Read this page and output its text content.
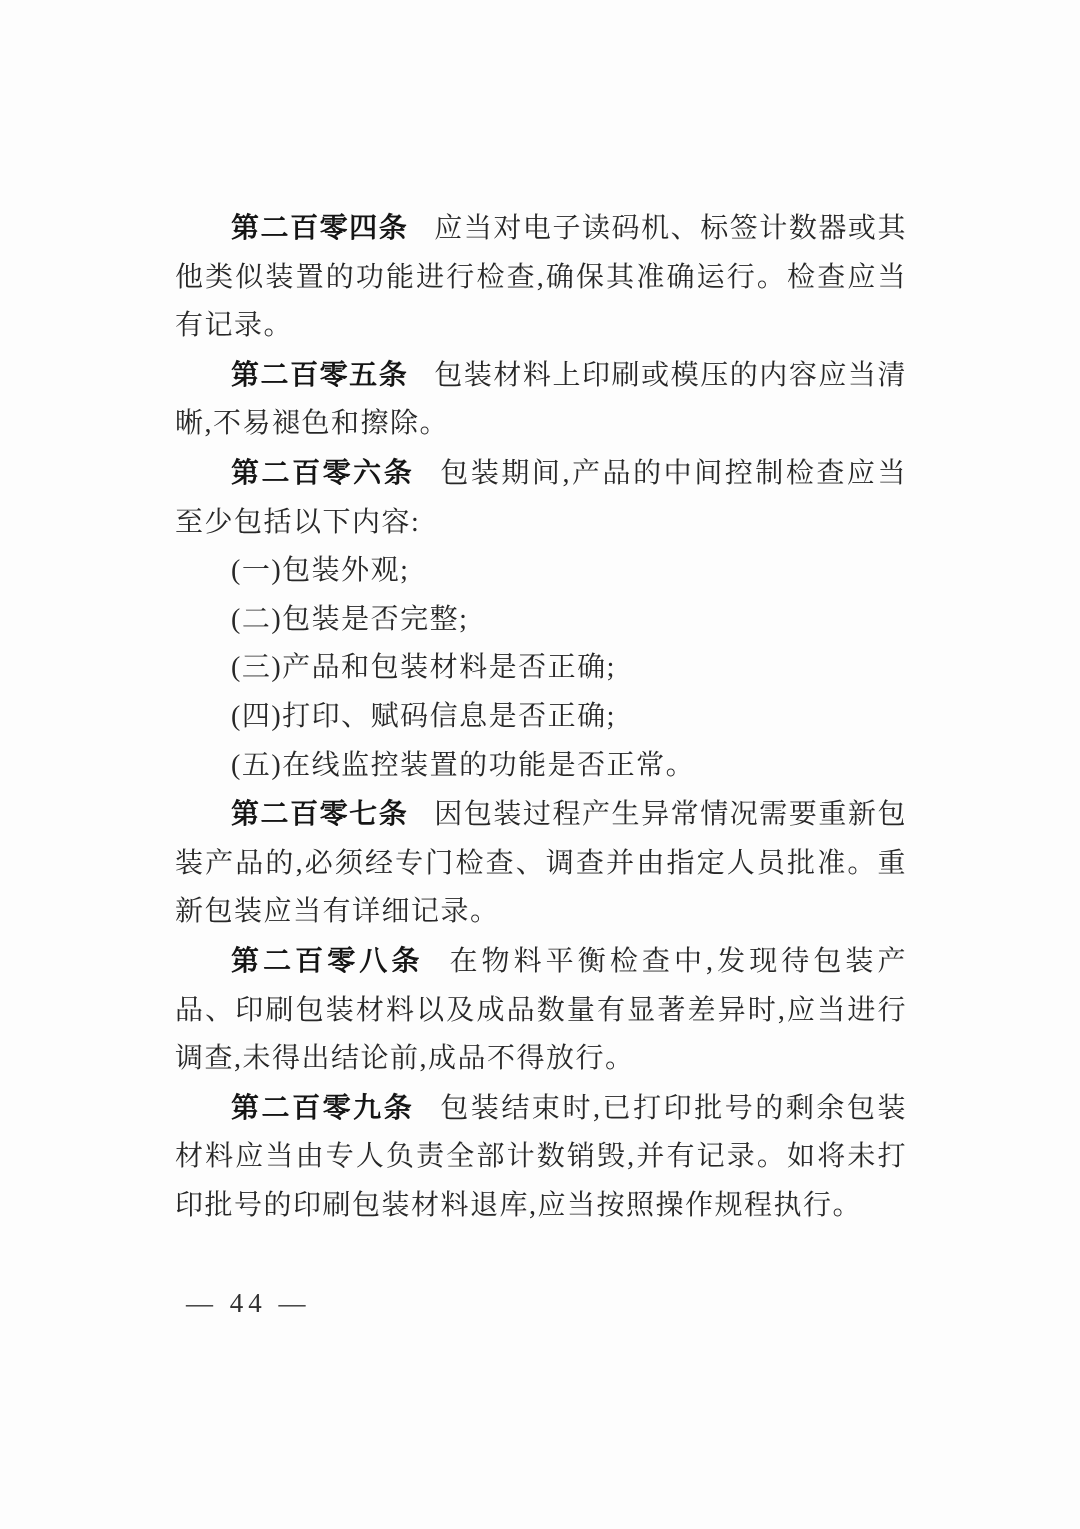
第二百零四条 应当对电子读码机、标签计数器或其他类似装置的功能进行检查,确保其准确运行。检查应当有记录。

第二百零五条 包装材料上印刷或模压的内容应当清晰,不易褪色和擦除。

第二百零六条 包装期间,产品的中间控制检查应当至少包括以下内容:

(一)包装外观;

(二)包装是否完整;

(三)产品和包装材料是否正确;

(四)打印、赋码信息是否正确;

(五)在线监控装置的功能是否正常。

第二百零七条 因包装过程产生异常情况需要重新包装产品的,必须经专门检查、调查并由指定人员批准。重新包装应当有详细记录。

第二百零八条 在物料平衡检查中,发现待包装产品、印刷包装材料以及成品数量有显著差异时,应当进行调查,未得出结论前,成品不得放行。

第二百零九条 包装结束时,已打印批号的剩余包装材料应当由专人负责全部计数销毁,并有记录。如将未打印批号的印刷包装材料退库,应当按照操作规程执行。

— 44 —
